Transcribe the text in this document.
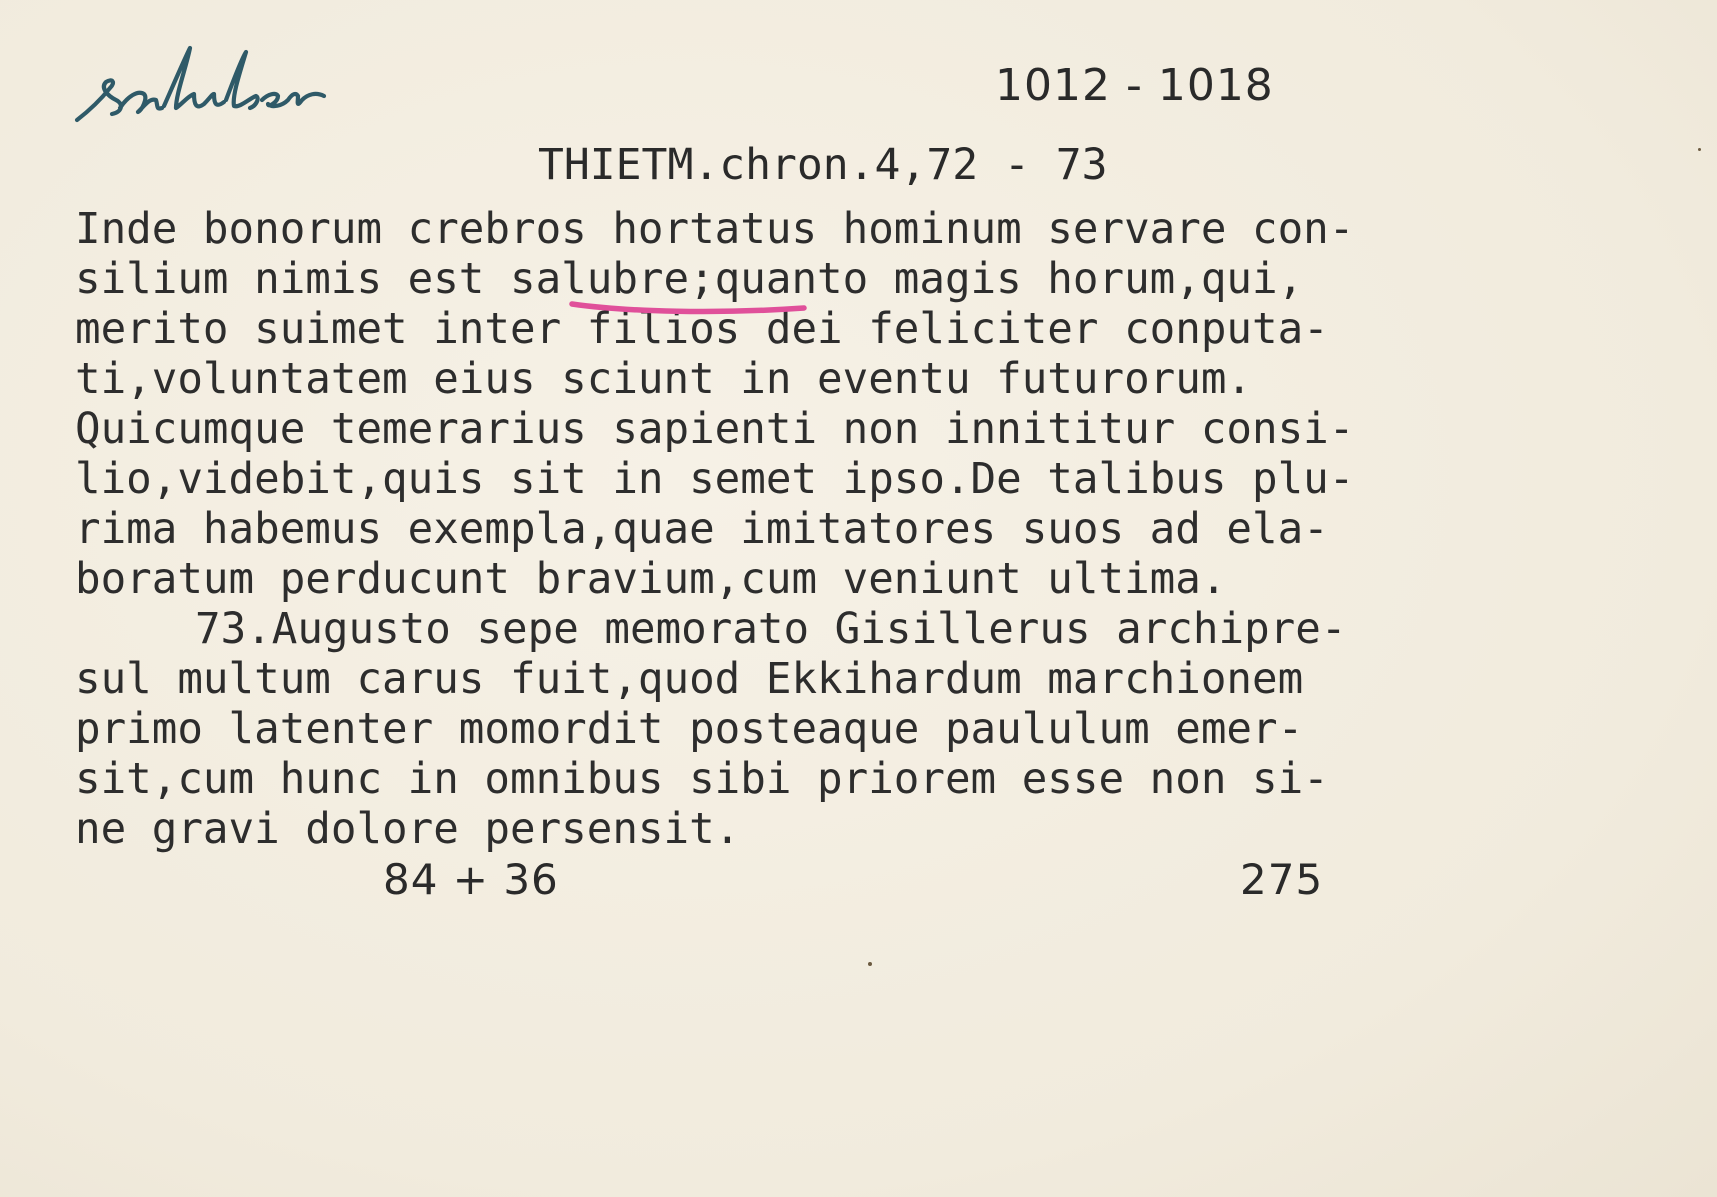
1012 - 1018
THIETM.chron.4,72 - 73
Inde bonorum crebros hortatus hominum servare con-
silium nimis est salubre;quanto magis horum,qui,
merito suimet inter filios dei feliciter conputa-
ti,voluntatem eius sciunt in eventu futurorum.
Quicumque temerarius sapienti non innititur consi-
lio,videbit,quis sit in semet ipso.De talibus plu-
rima habemus exempla,quae imitatores suos ad ela-
boratum perducunt bravium,cum veniunt ultima.
73.Augusto sepe memorato Gisillerus archipre-
sul multum carus fuit,quod Ekkihardum marchionem
primo latenter momordit posteaque paululum emer-
sit,cum hunc in omnibus sibi priorem esse non si-
ne gravi dolore persensit.
84 + 36	275
